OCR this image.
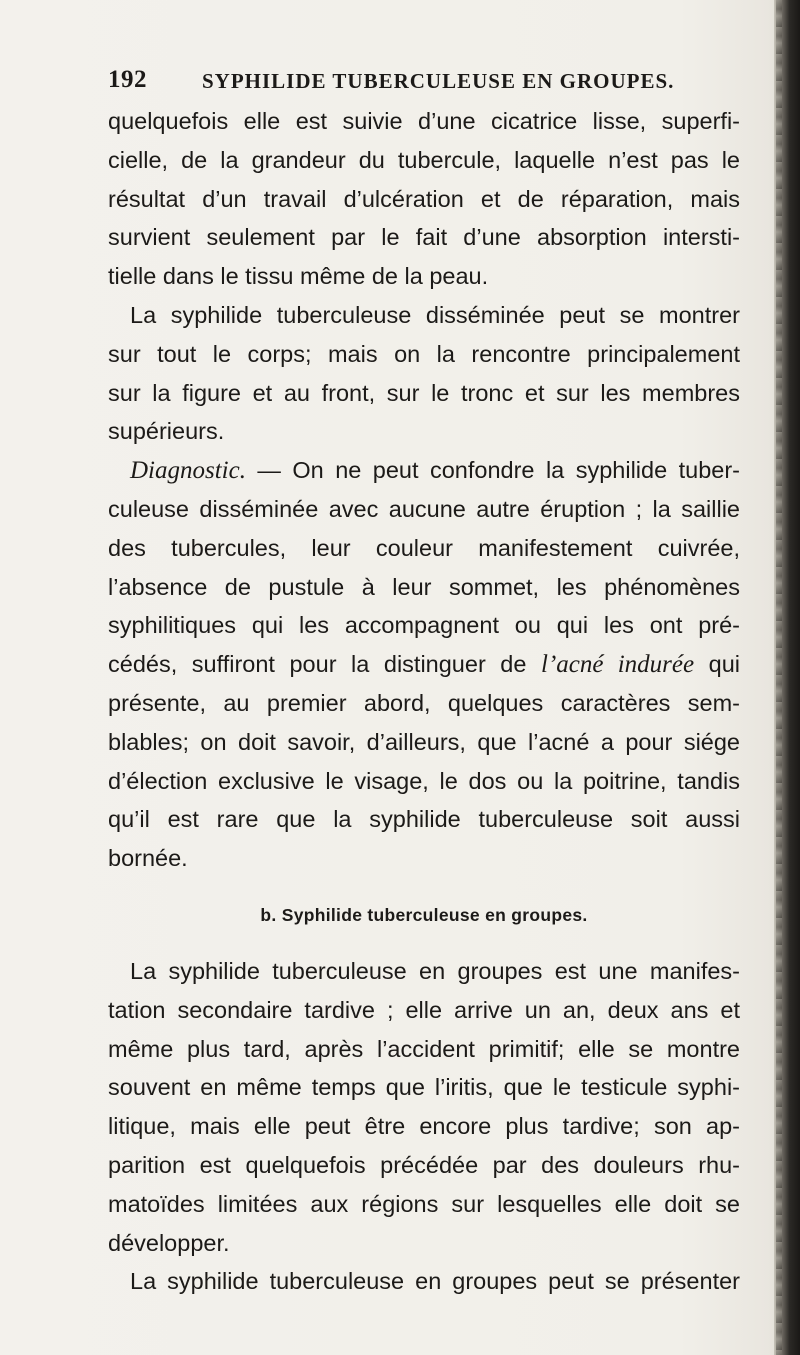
192	SYPHILIDE TUBERCULEUSE EN GROUPES.
quelquefois elle est suivie d’une cicatrice lisse, superfi-
cielle, de la grandeur du tubercule, laquelle n’est pas le
résultat d’un travail d’ulcération et de réparation, mais
survient seulement par le fait d’une absorption intersti-
tielle dans le tissu même de la peau.
La syphilide tuberculeuse disséminée peut se montrer
sur tout le corps; mais on la rencontre principalement
sur la figure et au front, sur le tronc et sur les membres
supérieurs.
Diagnostic. — On ne peut confondre la syphilide tuber-
culeuse disséminée avec aucune autre éruption ; la saillie
des tubercules, leur couleur manifestement cuivrée,
l’absence de pustule à leur sommet, les phénomènes
syphilitiques qui les accompagnent ou qui les ont pré-
cédés, suffiront pour la distinguer de l’acné indurée qui
présente, au premier abord, quelques caractères sem-
blables; on doit savoir, d’ailleurs, que l’acné a pour siége
d’élection exclusive le visage, le dos ou la poitrine, tandis
qu’il est rare que la syphilide tuberculeuse soit aussi
bornée.
b. Syphilide tuberculeuse en groupes.
La syphilide tuberculeuse en groupes est une manifes-
tation secondaire tardive ; elle arrive un an, deux ans et
même plus tard, après l’accident primitif; elle se montre
souvent en même temps que l’iritis, que le testicule syphi-
litique, mais elle peut être encore plus tardive; son ap-
parition est quelquefois précédée par des douleurs rhu-
matoïdes limitées aux régions sur lesquelles elle doit se
développer.
La syphilide tuberculeuse en groupes peut se présenter
